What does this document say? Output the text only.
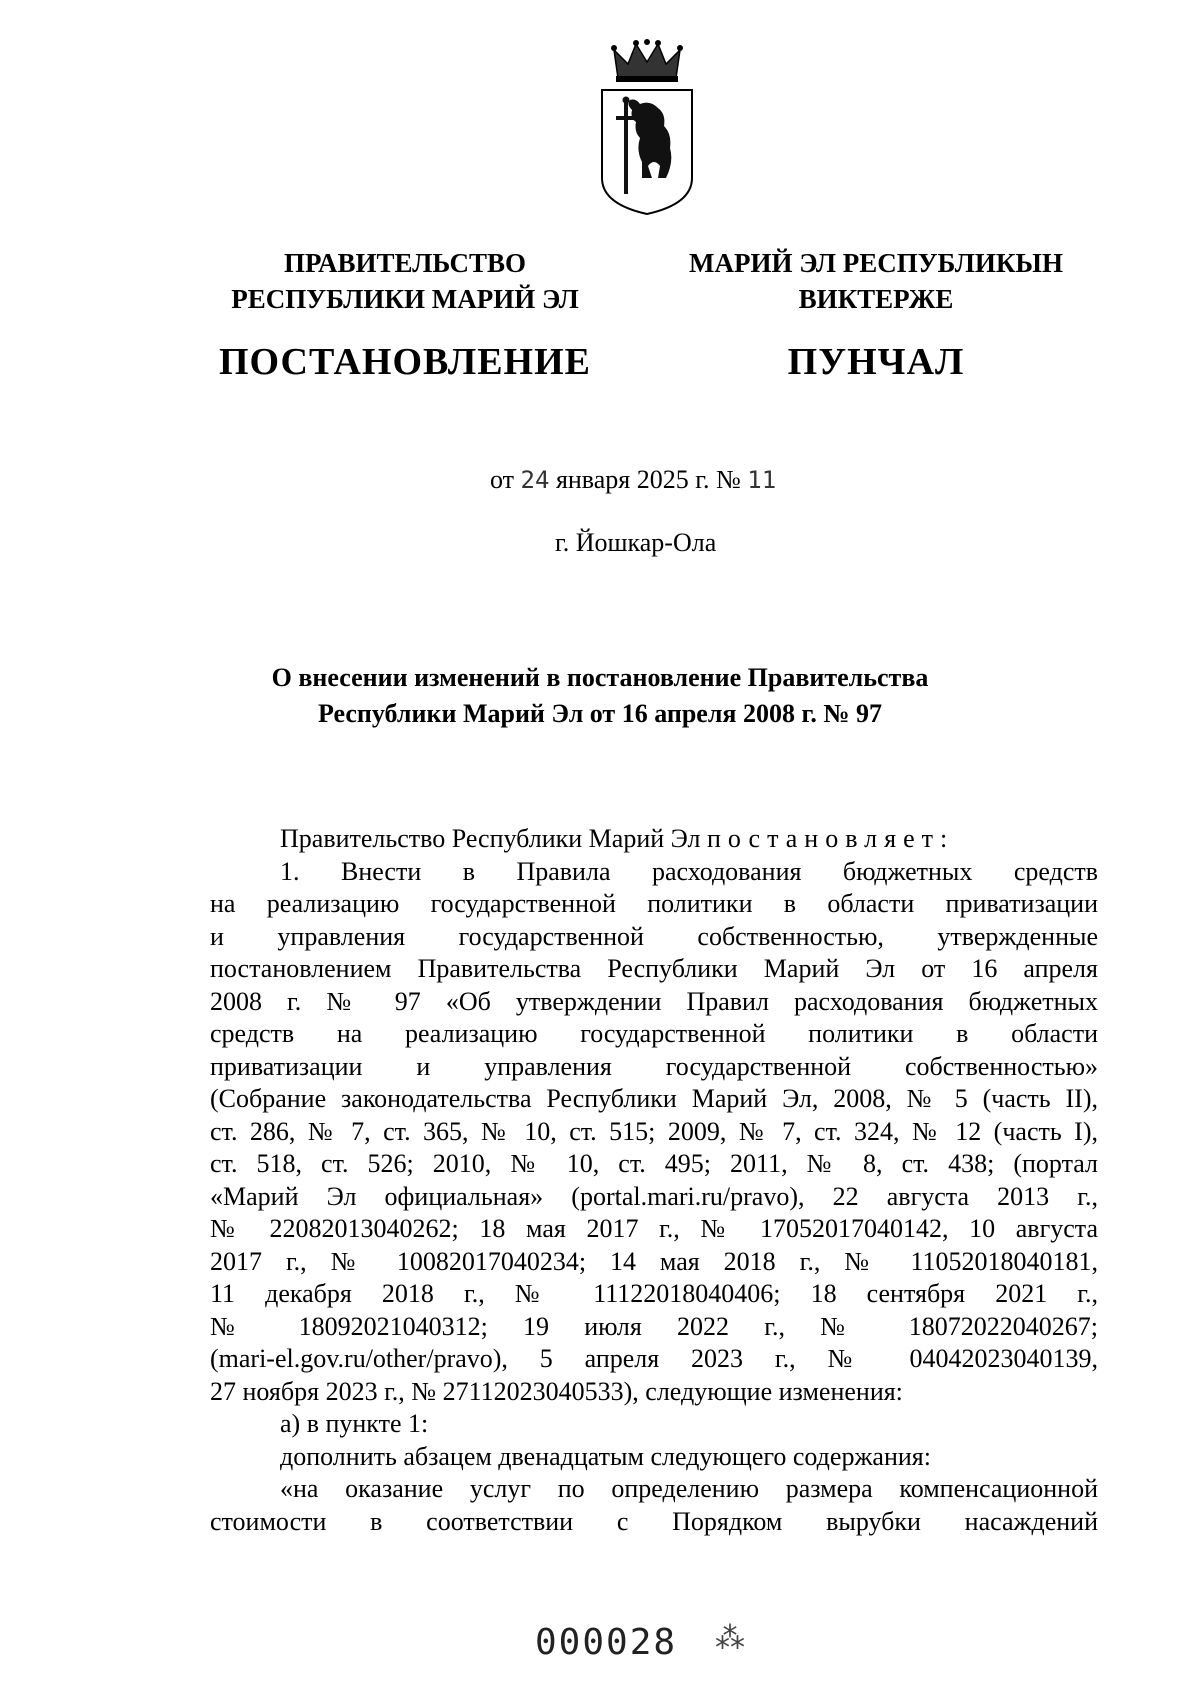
ПРАВИТЕЛЬСТВО
РЕСПУБЛИКИ МАРИЙ ЭЛ
ПОСТАНОВЛЕНИЕ
МАРИЙ ЭЛ РЕСПУБЛИКЫН
ВИКТЕРЖЕ
ПУНЧАЛ
от 24 января 2025 г. № 11
г. Йошкар-Ола
О внесении изменений в постановление Правительства
Республики Марий Эл от 16 апреля 2008 г. № 97

Правительство Республики Марий Эл постановляет:

1. Внести в Правила расходования бюджетных средств

на реализацию государственной политики в области приватизации

и управления государственной собственностью, утвержденные

постановлением Правительства Республики Марий Эл от 16 апреля

2008 г. № 97 «Об утверждении Правил расходования бюджетных

средств на реализацию государственной политики в области

приватизации и управления государственной собственностью»

(Собрание законодательства Республики Марий Эл, 2008, № 5 (часть II),

ст. 286, № 7, ст. 365, № 10, ст. 515; 2009, № 7, ст. 324, № 12 (часть I),

ст. 518, ст. 526; 2010, № 10, ст. 495; 2011, № 8, ст. 438; (портал

«Марий Эл официальная» (portal.mari.ru/pravo), 22 августа 2013 г.,

№ 22082013040262; 18 мая 2017 г., № 17052017040142, 10 августа

2017 г., № 10082017040234; 14 мая 2018 г., № 11052018040181,

11 декабря 2018 г., № 11122018040406; 18 сентября 2021 г.,

№ 18092021040312; 19 июля 2022 г., № 18072022040267;

(mari-el.gov.ru/other/pravo), 5 апреля 2023 г., № 04042023040139,

27 ноября 2023 г., № 27112023040533), следующие изменения:

а) в пункте 1:

дополнить абзацем двенадцатым следующего содержания:

«на оказание услуг по определению размера компенсационной

стоимости в соответствии с Порядком вырубки насаждений

000028 ⁂
